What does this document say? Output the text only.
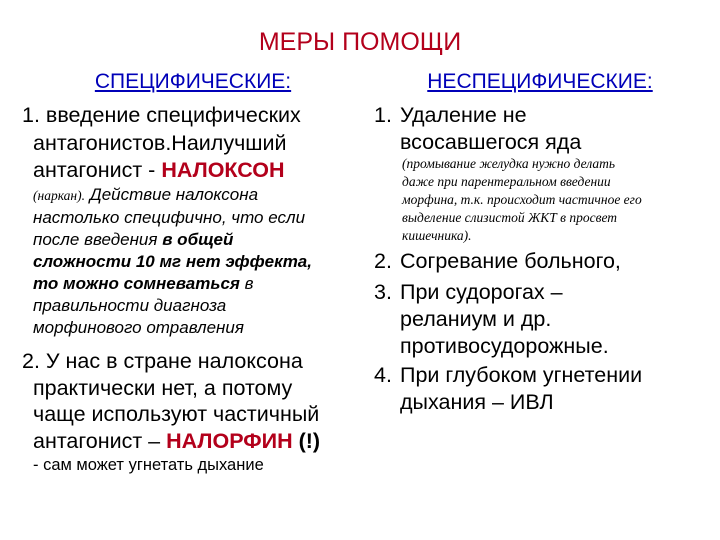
МЕРЫ ПОМОЩИ
СПЕЦИФИЧЕСКИЕ:	НЕСПЕЦИФИЧЕСКИЕ:
1. введение специфических
антагонистов.Наилучший
антагонист - НАЛОКСОН
(наркан). Действие налоксона
настолько специфично, что если
после введения в общей
сложности 10 мг нет эффекта,
то можно сомневаться в
правильности диагноза
морфинового отравления
2. У нас в стране налоксона
практически нет, а потому
чаще используют частичный
антагонист – НАЛОРФИН (!)
- сам может угнетать дыхание
1. Удаление не
всосавшегося яда
(промывание желудка нужно делать
даже при парентеральном введении
морфина, т.к. происходит частичное его
выделение слизистой ЖКТ в просвет
кишечника).
2. Согревание больного,
3. При судорогах –
реланиум и др.
противосудорожные.
4. При глубоком угнетении
дыхания – ИВЛ
